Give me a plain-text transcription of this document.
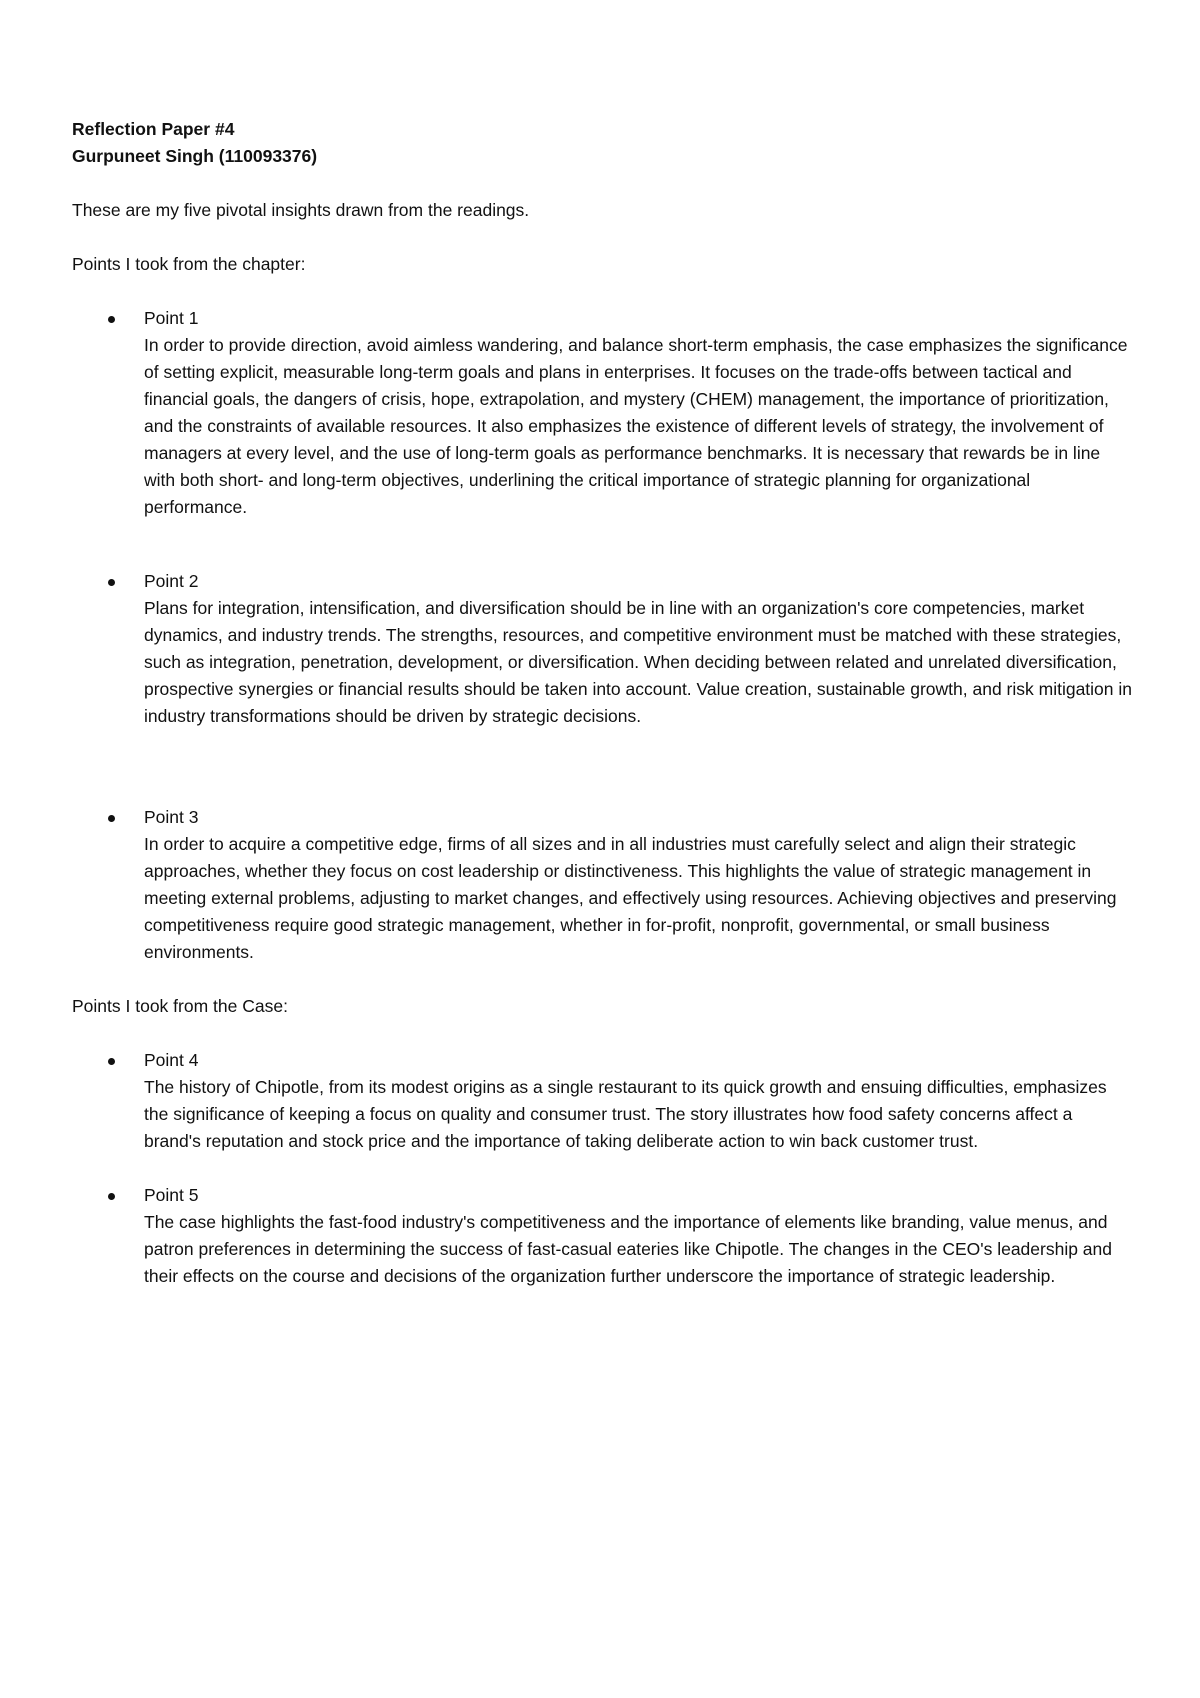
Reflection Paper #4

Gurpuneet Singh (110093376)

These are my five pivotal insights drawn from the readings.

Points I took from the chapter:

Point 1
In order to provide direction, avoid aimless wandering, and balance short-term emphasis, the case emphasizes the significance of setting explicit, measurable long-term goals and plans in enterprises. It focuses on the trade-offs between tactical and financial goals, the dangers of crisis, hope, extrapolation, and mystery (CHEM) management, the importance of prioritization, and the constraints of available resources. It also emphasizes the existence of different levels of strategy, the involvement of managers at every level, and the use of long-term goals as performance benchmarks. It is necessary that rewards be in line with both short- and long-term objectives, underlining the critical importance of strategic planning for organizational performance.
Point 2
Plans for integration, intensification, and diversification should be in line with an organization's core competencies, market dynamics, and industry trends. The strengths, resources, and competitive environment must be matched with these strategies, such as integration, penetration, development, or diversification. When deciding between related and unrelated diversification, prospective synergies or financial results should be taken into account. Value creation, sustainable growth, and risk mitigation in industry transformations should be driven by strategic decisions.
Point 3
In order to acquire a competitive edge, firms of all sizes and in all industries must carefully select and align their strategic approaches, whether they focus on cost leadership or distinctiveness. This highlights the value of strategic management in meeting external problems, adjusting to market changes, and effectively using resources. Achieving objectives and preserving competitiveness require good strategic management, whether in for-profit, nonprofit, governmental, or small business environments.

Points I took from the Case:

Point 4
The history of Chipotle, from its modest origins as a single restaurant to its quick growth and ensuing difficulties, emphasizes the significance of keeping a focus on quality and consumer trust. The story illustrates how food safety concerns affect a brand's reputation and stock price and the importance of taking deliberate action to win back customer trust.
Point 5
The case highlights the fast-food industry's competitiveness and the importance of elements like branding, value menus, and patron preferences in determining the success of fast-casual eateries like Chipotle. The changes in the CEO's leadership and their effects on the course and decisions of the organization further underscore the importance of strategic leadership.
